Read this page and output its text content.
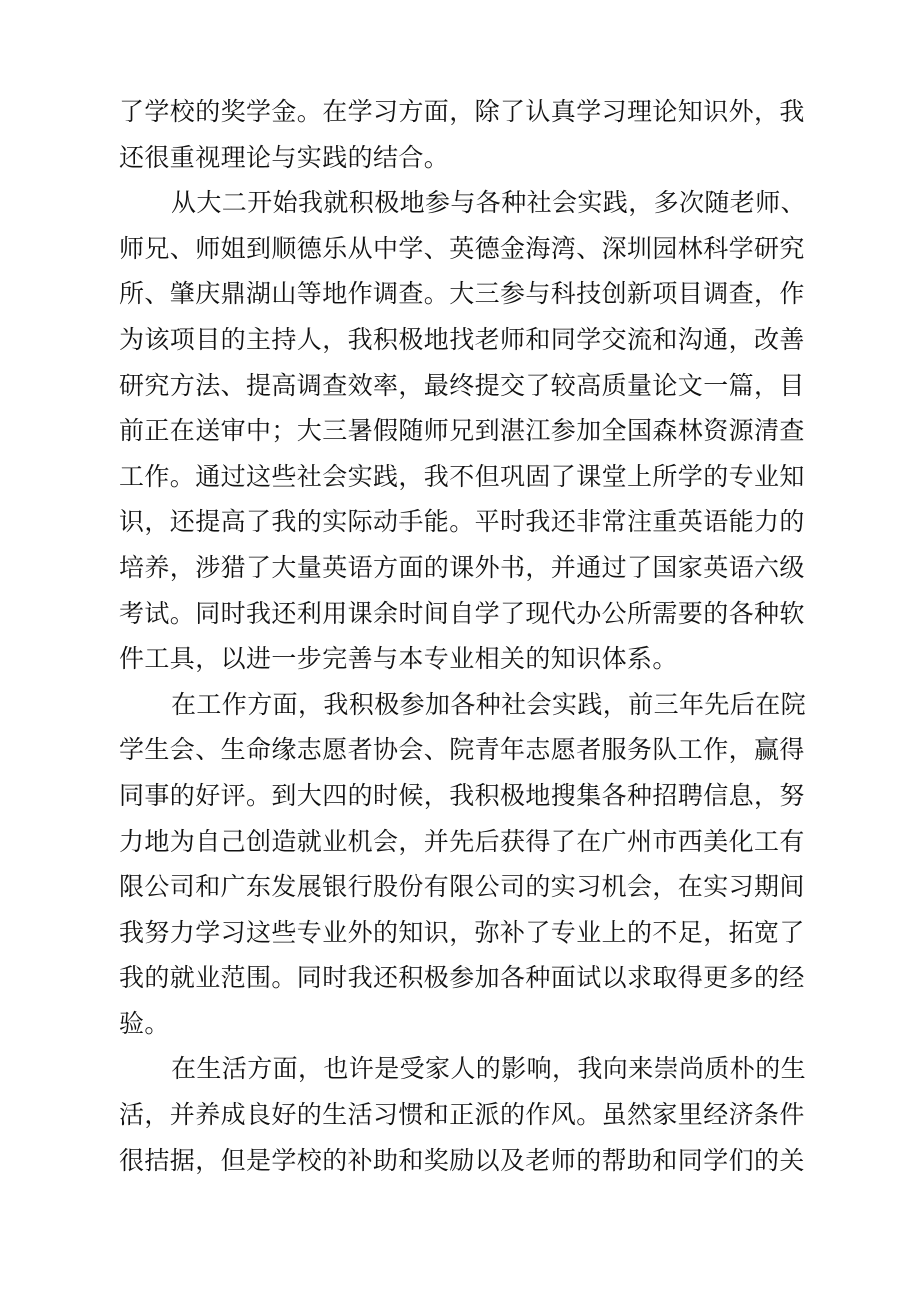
了学校的奖学金。在学习方面，除了认真学习理论知识外，我
还很重视理论与实践的结合。
从大二开始我就积极地参与各种社会实践，多次随老师、
师兄、师姐到顺德乐从中学、英德金海湾、深圳园林科学研究
所、肇庆鼎湖山等地作调查。大三参与科技创新项目调查，作
为该项目的主持人，我积极地找老师和同学交流和沟通，改善
研究方法、提高调查效率，最终提交了较高质量论文一篇，目
前正在送审中；大三暑假随师兄到湛江参加全国森林资源清查
工作。通过这些社会实践，我不但巩固了课堂上所学的专业知
识，还提高了我的实际动手能。平时我还非常注重英语能力的
培养，涉猎了大量英语方面的课外书，并通过了国家英语六级
考试。同时我还利用课余时间自学了现代办公所需要的各种软
件工具，以进一步完善与本专业相关的知识体系。
在工作方面，我积极参加各种社会实践，前三年先后在院
学生会、生命缘志愿者协会、院青年志愿者服务队工作，赢得
同事的好评。到大四的时候，我积极地搜集各种招聘信息，努
力地为自己创造就业机会，并先后获得了在广州市西美化工有
限公司和广东发展银行股份有限公司的实习机会，在实习期间
我努力学习这些专业外的知识，弥补了专业上的不足，拓宽了
我的就业范围。同时我还积极参加各种面试以求取得更多的经
验。
在生活方面，也许是受家人的影响，我向来崇尚质朴的生
活，并养成良好的生活习惯和正派的作风。虽然家里经济条件
很拮据，但是学校的补助和奖励以及老师的帮助和同学们的关
